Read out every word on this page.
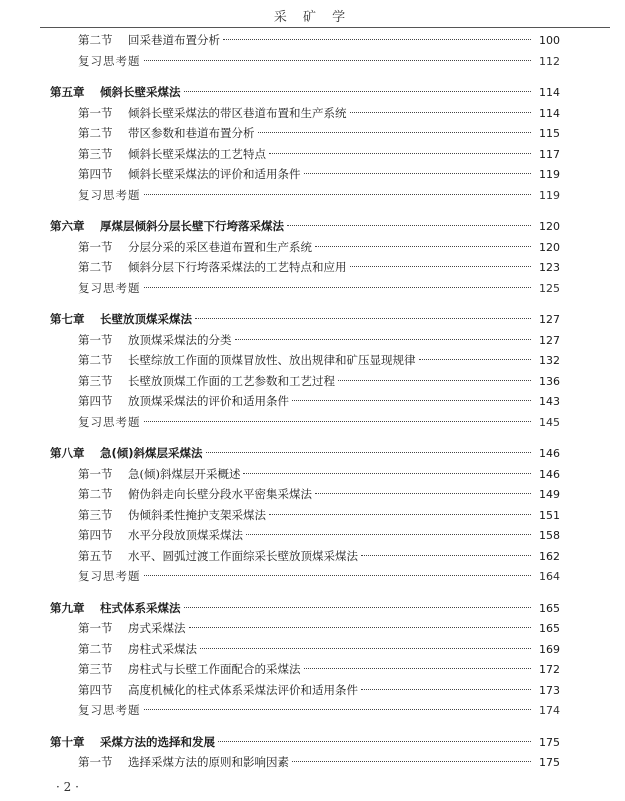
采 矿 学
第二节	回采巷道布置分析	100
复习思考题	112
第五章	倾斜长壁采煤法	114
第一节	倾斜长壁采煤法的带区巷道布置和生产系统	114
第二节	带区参数和巷道布置分析	115
第三节	倾斜长壁采煤法的工艺特点	117
第四节	倾斜长壁采煤法的评价和适用条件	119
复习思考题	119
第六章	厚煤层倾斜分层长壁下行垮落采煤法	120
第一节	分层分采的采区巷道布置和生产系统	120
第二节	倾斜分层下行垮落采煤法的工艺特点和应用	123
复习思考题	125
第七章	长壁放顶煤采煤法	127
第一节	放顶煤采煤法的分类	127
第二节	长壁综放工作面的顶煤冒放性、放出规律和矿压显现规律	132
第三节	长壁放顶煤工作面的工艺参数和工艺过程	136
第四节	放顶煤采煤法的评价和适用条件	143
复习思考题	145
第八章	急(倾)斜煤层采煤法	146
第一节	急(倾)斜煤层开采概述	146
第二节	俯伪斜走向长壁分段水平密集采煤法	149
第三节	伪倾斜柔性掩护支架采煤法	151
第四节	水平分段放顶煤采煤法	158
第五节	水平、圆弧过渡工作面综采长壁放顶煤采煤法	162
复习思考题	164
第九章	柱式体系采煤法	165
第一节	房式采煤法	165
第二节	房柱式采煤法	169
第三节	房柱式与长壁工作面配合的采煤法	172
第四节	高度机械化的柱式体系采煤法评价和适用条件	173
复习思考题	174
第十章	采煤方法的选择和发展	175
第一节	选择采煤方法的原则和影响因素	175
· 2 ·
